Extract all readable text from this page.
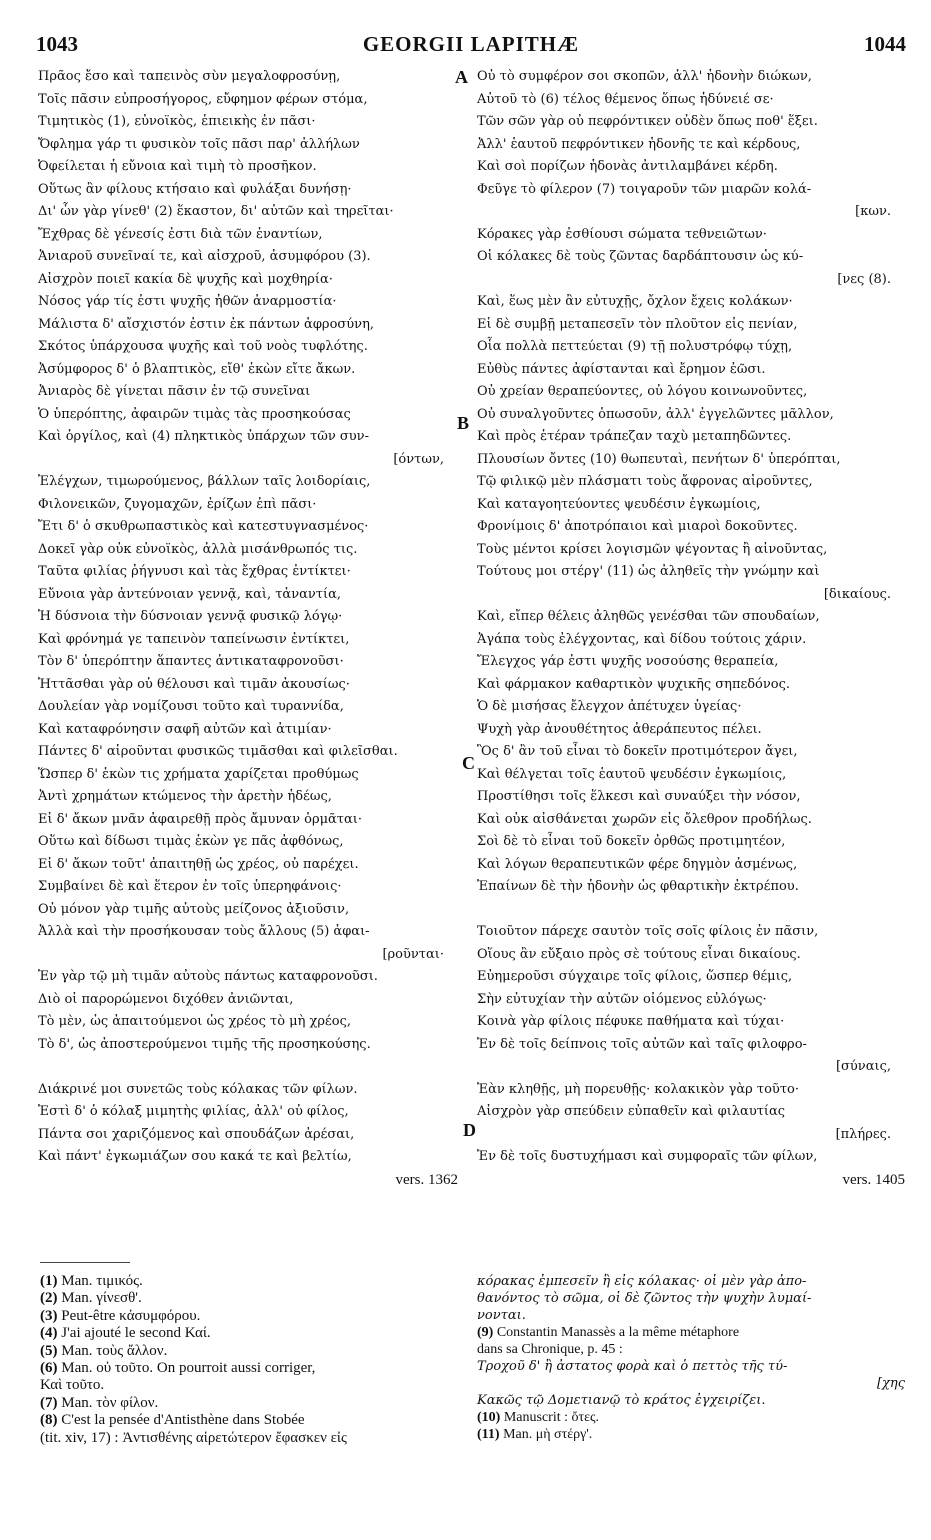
1043	GEORGII LAPITHÆ	1044
Πρᾶος ἔσο καὶ ταπεινὸς σὺν μεγαλοφροσύνῃ,
Τοῖς πᾶσιν εὐπροσήγορος, εὔφημον φέρων στόμα,
Τιμητικὸς (1), εὐνοϊκὸς, ἐπιεικὴς ἐν πᾶσι·
Ὄφλημα γάρ τι φυσικὸν τοῖς πᾶσι παρ' ἀλλήλων
Ὀφείλεται ἡ εὔνοια καὶ τιμὴ τὸ προσῆκον.
Οὕτως ἂν φίλους κτήσαιο καὶ φυλάξαι δυνήσῃ·
Δι' ὧν γὰρ γίνεθ' (2) ἕκαστον, δι' αὐτῶν καὶ τηρεῖται·
Ἔχθρας δὲ γένεσίς ἐστι διὰ τῶν ἐναντίων,
Ἀνιαροῦ συνεῖναί τε, καὶ αἰσχροῦ, ἀσυμφόρου (3).
Αἰσχρὸν ποιεῖ κακία δὲ ψυχῆς καὶ μοχθηρία·
Νόσος γάρ τίς ἐστι ψυχῆς ἠθῶν ἀναρμοστία·
Μάλιστα δ' αἴσχιστόν ἐστιν ἐκ πάντων ἀφροσύνη,
Σκότος ὑπάρχουσα ψυχῆς καὶ τοῦ νοὸς τυφλότης.
Ἀσύμφορος δ' ὁ βλαπτικὸς, εἴθ' ἑκὼν εἴτε ἄκων.
Ἀνιαρὸς δὲ γίνεται πᾶσιν ἐν τῷ συνεῖναι
Ὁ ὑπερόπτης, ἀφαιρῶν τιμὰς τὰς προσηκούσας
Καὶ ὀργίλος, καὶ (4) πληκτικὸς ὑπάρχων τῶν συν-
[όντων,
Ἐλέγχων, τιμωρούμενος, βάλλων ταῖς λοιδορίαις,
Φιλονεικῶν, ζυγομαχῶν, ἐρίζων ἐπὶ πᾶσι·
Ἔτι δ' ὁ σκυθρωπαστικὸς καὶ κατεστυγνασμένος·
Δοκεῖ γὰρ οὐκ εὐνοϊκὸς, ἀλλὰ μισάνθρωπός τις.
Ταῦτα φιλίας ῥήγνυσι καὶ τὰς ἔχθρας ἐντίκτει·
Εὔνοια γὰρ ἀντεύνοιαν γεννᾷ, καὶ, τἀναντία,
Ἡ δύσνοια τὴν δύσνοιαν γεννᾷ φυσικῷ λόγῳ·
Καὶ φρόνημά γε ταπεινὸν ταπείνωσιν ἐντίκτει,
Τὸν δ' ὑπερόπτην ἅπαντες ἀντικαταφρονοῦσι·
Ἡττᾶσθαι γὰρ οὐ θέλουσι καὶ τιμᾶν ἀκουσίως·
Δουλείαν γὰρ νομίζουσι τοῦτο καὶ τυραννίδα,
Καὶ καταφρόνησιν σαφῆ αὐτῶν καὶ ἀτιμίαν·
Πάντες δ' αἱροῦνται φυσικῶς τιμᾶσθαι καὶ φιλεῖσθαι.
Ὥσπερ δ' ἑκὼν τις χρήματα χαρίζεται προθύμως
Ἀντὶ χρημάτων κτώμενος τὴν ἀρετὴν ἡδέως,
Εἰ δ' ἄκων μνᾶν ἀφαιρεθῇ πρὸς ἄμυναν ὁρμᾶται·
Οὕτω καὶ δίδωσι τιμὰς ἑκὼν γε πᾶς ἀφθόνως,
Εἰ δ' ἄκων τοῦτ' ἀπαιτηθῇ ὡς χρέος, οὐ παρέχει.
Συμβαίνει δὲ καὶ ἕτερον ἐν τοῖς ὑπερηφάνοις·
Οὐ μόνον γὰρ τιμῆς αὐτοὺς μείζονος ἀξιοῦσιν,
Ἀλλὰ καὶ τὴν προσήκουσαν τοὺς ἄλλους (5) ἀφαι-
[ροῦνται·
Ἐν γὰρ τῷ μὴ τιμᾶν αὐτοὺς πάντως καταφρονοῦσι.
Διὸ οἱ παρορώμενοι διχόθεν ἀνιῶνται,
Τὸ μὲν, ὡς ἀπαιτούμενοι ὡς χρέος τὸ μὴ χρέος,
Τὸ δ', ὡς ἀποστερούμενοι τιμῆς τῆς προσηκούσης.
Διάκρινέ μοι συνετῶς τοὺς κόλακας τῶν φίλων.
Ἐστὶ δ' ὁ κόλαξ μιμητὴς φιλίας, ἀλλ' οὐ φίλος,
Πάντα σοι χαριζόμενος καὶ σπουδάζων ἀρέσαι,
Καὶ πάντ' ἐγκωμιάζων σου κακά τε καὶ βελτίω,
vers. 1362
Οὐ τὸ συμφέρον σοι σκοπῶν, ἀλλ' ἡδονὴν διώκων,
Αὐτοῦ τὸ (6) τέλος θέμενος ὅπως ἡδύνειέ σε·
Τῶν σῶν γὰρ οὐ πεφρόντικεν οὐδὲν ὅπως ποθ' ἕξει.
Ἀλλ' ἑαυτοῦ πεφρόντικεν ἡδονῆς τε καὶ κέρδους,
Καὶ σοὶ πορίζων ἡδονὰς ἀντιλαμβάνει κέρδη.
Φεῦγε τὸ φίλερον (7) τοιγαροῦν τῶν μιαρῶν κολά-
[κων.
Κόρακες γὰρ ἐσθίουσι σώματα τεθνειῶτων·
Οἱ κόλακες δὲ τοὺς ζῶντας δαρδάπτουσιν ὡς κύ-
[νες (8).
Καὶ, ἕως μὲν ἂν εὐτυχῇς, ὄχλον ἔχεις κολάκων·
Εἰ δὲ συμβῇ μεταπεσεῖν τὸν πλοῦτον εἰς πενίαν,
Οἷα πολλὰ πεττεύεται (9) τῇ πολυστρόφῳ τύχῃ,
Εὐθὺς πάντες ἀφίστανται καὶ ἔρημον ἐῶσι.
Οὐ χρείαν θεραπεύοντες, οὐ λόγου κοινωνοῦντες,
Οὐ συναλγοῦντες ὁπωσοῦν, ἀλλ' ἐγγελῶντες μᾶλλον,
Καὶ πρὸς ἑτέραν τράπεζαν ταχὺ μεταπηδῶντες.
Πλουσίων ὄντες (10) θωπευταὶ, πενήτων δ' ὑπερόπται,
Τῷ φιλικῷ μὲν πλάσματι τοὺς ἄφρονας αἱροῦντες,
Καὶ καταγοητεύοντες ψευδέσιν ἐγκωμίοις,
Φρονίμοις δ' ἀποτρόπαιοι καὶ μιαροὶ δοκοῦντες.
Τοὺς μέντοι κρίσει λογισμῶν ψέγοντας ἢ αἰνοῦντας,
Τούτους μοι στέργ' (11) ὡς ἀληθεῖς τὴν γνώμην καὶ
[δικαίους.
Καὶ, εἴπερ θέλεις ἀληθῶς γενέσθαι τῶν σπουδαίων,
Ἀγάπα τοὺς ἐλέγχοντας, καὶ δίδου τούτοις χάριν.
Ἔλεγχος γάρ ἐστι ψυχῆς νοσούσης θεραπεία,
Καὶ φάρμακον καθαρτικὸν ψυχικῆς σηπεδόνος.
Ὁ δὲ μισήσας ἔλεγχον ἀπέτυχεν ὑγείας·
Ψυχὴ γὰρ ἀνουθέτητος ἀθεράπευτος πέλει.
Ὃς δ' ἂν τοῦ εἶναι τὸ δοκεῖν προτιμότερον ἄγει,
Καὶ θέλγεται τοῖς ἑαυτοῦ ψευδέσιν ἐγκωμίοις,
Προστίθησι τοῖς ἕλκεσι καὶ συναύξει τὴν νόσον,
Καὶ οὐκ αἰσθάνεται χωρῶν εἰς ὄλεθρον προδήλως.
Σοὶ δὲ τὸ εἶναι τοῦ δοκεῖν ὀρθῶς προτιμητέον,
Καὶ λόγων θεραπευτικῶν φέρε δηγμὸν ἀσμένως,
Ἐπαίνων δὲ τὴν ἡδονὴν ὡς φθαρτικὴν ἐκτρέπου.
Τοιοῦτον πάρεχε σαυτὸν τοῖς σοῖς φίλοις ἐν πᾶσιν,
Οἵους ἂν εὔξαιο πρὸς σὲ τούτους εἶναι δικαίους.
Εὐημεροῦσι σύγχαιρε τοῖς φίλοις, ὥσπερ θέμις,
Σὴν εὐτυχίαν τὴν αὐτῶν οἰόμενος εὐλόγως·
Κοινὰ γὰρ φίλοις πέφυκε παθήματα καὶ τύχαι·
Ἐν δὲ τοῖς δείπνοις τοῖς αὐτῶν καὶ ταῖς φιλοφρο-
[σύναις,
Ἐὰν κληθῇς, μὴ πορευθῇς· κολακικὸν γὰρ τοῦτο·
Αἰσχρὸν γὰρ σπεύδειν εὐπαθεῖν καὶ φιλαυτίας
[πλήρες.
Ἐν δὲ τοῖς δυστυχήμασι καὶ συμφοραῖς τῶν φίλων,
vers. 1405
A
B
C
D
(1) Man. τιμικός.
(2) Man. γίνεσθ'.
(3) Peut-être κἀσυμφόρου.
(4) J'ai ajouté le second Καί.
(5) Man. τοὺς ἄλλον.
(6) Man. οὐ τοῦτο. On pourroit aussi corriger,
Καὶ τοῦτο.
(7) Man. τὸν φίλον.
(8) C'est la pensée d'Antisthène dans Stobée
(tit. xiv, 17) : Ἀντισθένης αἱρετώτερον ἔφασκεν εἰς
κόρακας ἐμπεσεῖν ἢ εἰς κόλακας· οἱ μὲν γὰρ ἀπο-
θανόντος τὸ σῶμα, οἱ δὲ ζῶντος τὴν ψυχὴν λυμαί-
νονται.
(9) Constantin Manassès a la même métaphore
dans sa Chronique, p. 45 :
Τροχοῦ δ' ἢ ἀστατος φορὰ καὶ ὁ πεττὸς τῆς τύ-
[χης
Κακῶς τῷ Δομετιανῷ τὸ κράτος ἐγχειρίζει.
(10) Manuscrit : ὄτες.
(11) Man. μὴ στέργ'.
